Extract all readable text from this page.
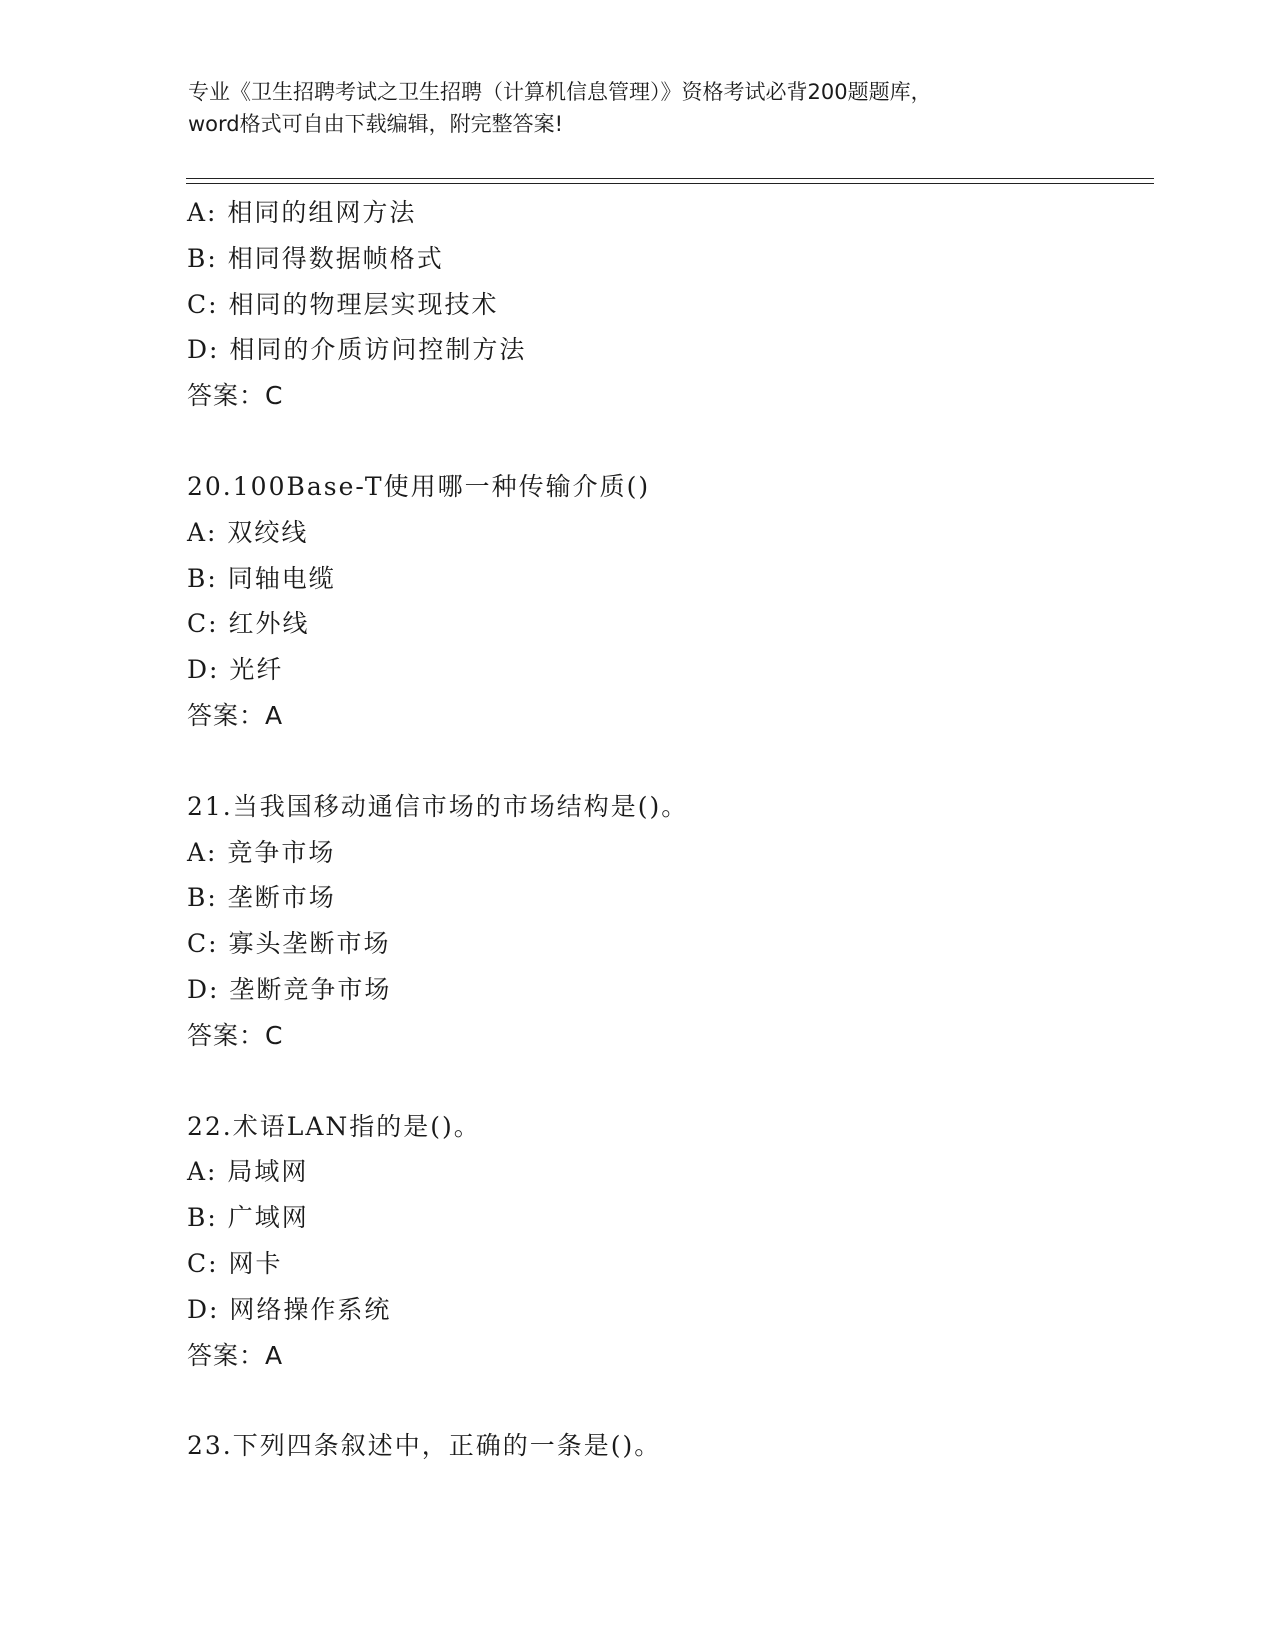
专业《卫生招聘考试之卫生招聘（计算机信息管理）》资格考试必背200题题库，
word格式可自由下载编辑，附完整答案!
A: 相同的组网方法
B: 相同得数据帧格式
C: 相同的物理层实现技术
D: 相同的介质访问控制方法
答案：C
20.100Base-T使用哪一种传输介质()
A: 双绞线
B: 同轴电缆
C: 红外线
D: 光纤
答案：A
21.当我国移动通信市场的市场结构是()。
A: 竞争市场
B: 垄断市场
C: 寡头垄断市场
D: 垄断竞争市场
答案：C
22.术语LAN指的是()。
A: 局域网
B: 广域网
C: 网卡
D: 网络操作系统
答案：A
23.下列四条叙述中，正确的一条是()。
